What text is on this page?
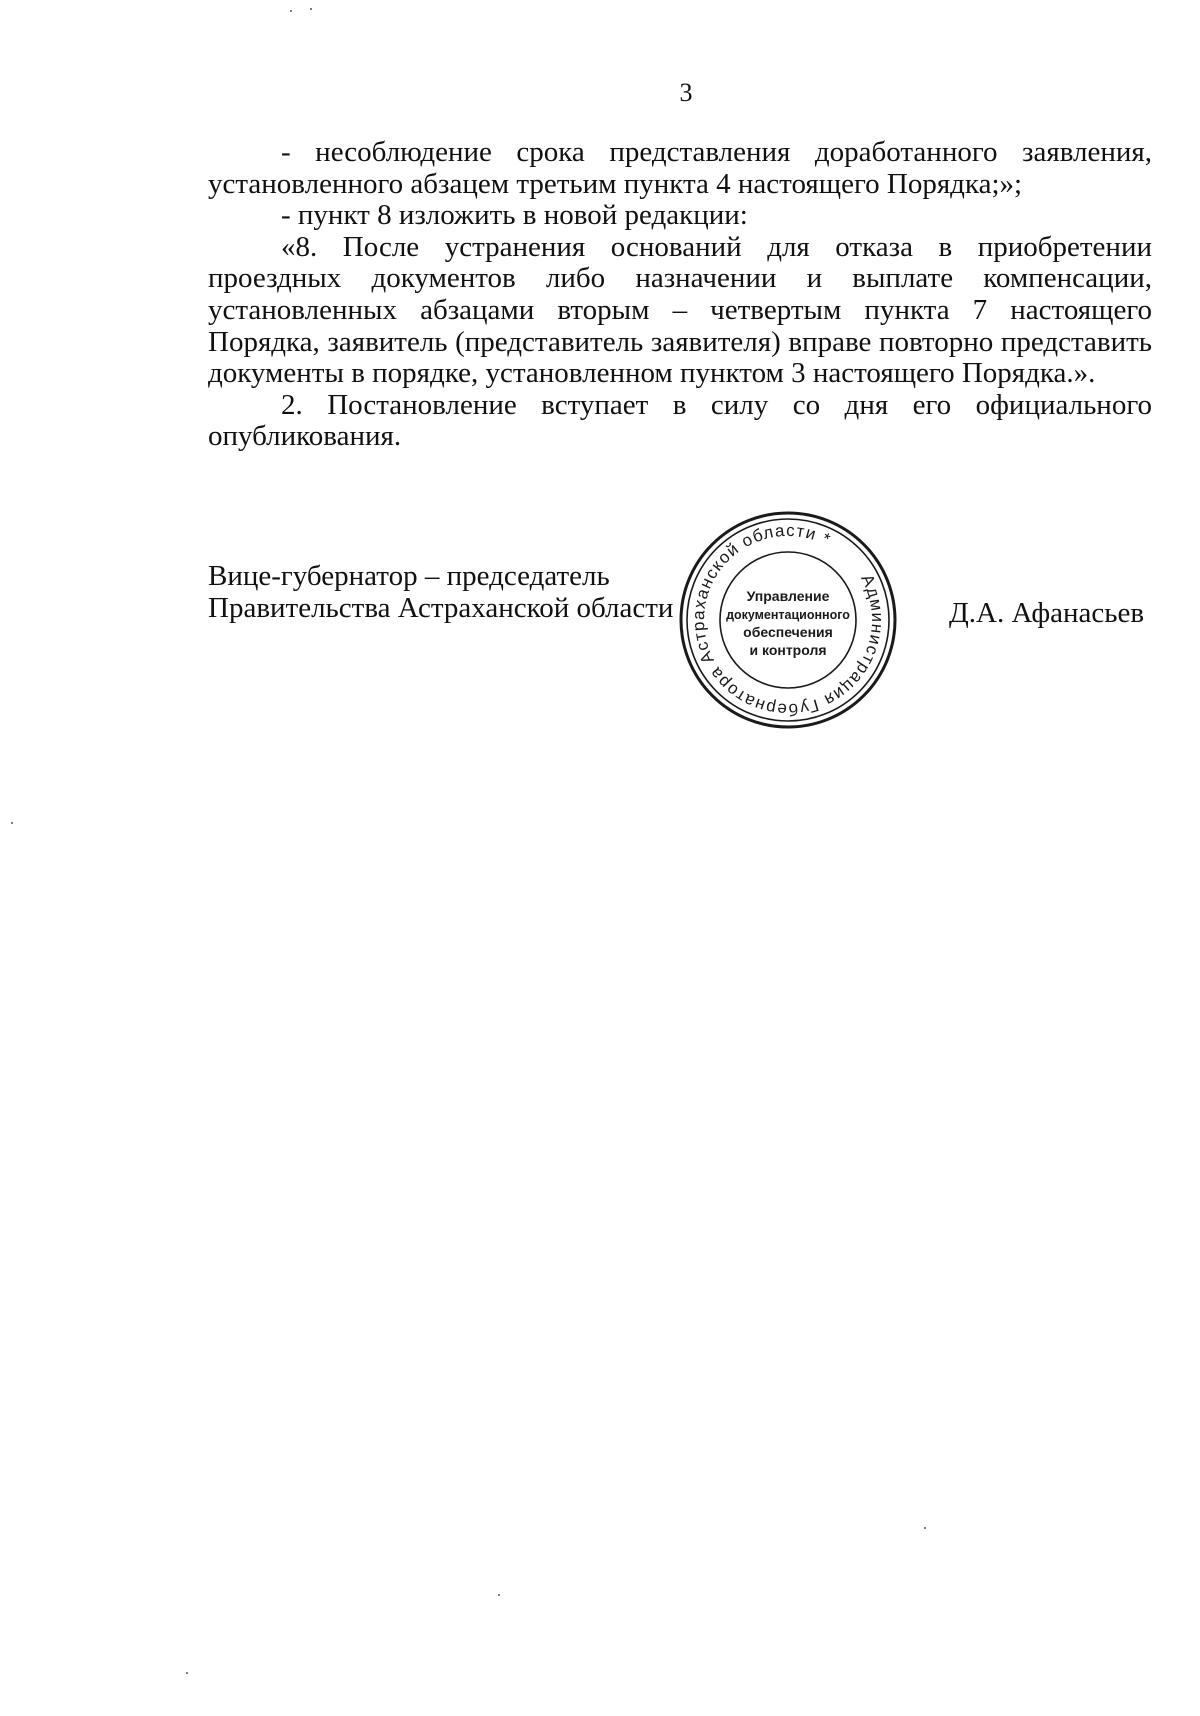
3

- несоблюдение срока представления доработанного заявления, установленного абзацем третьим пункта 4 настоящего Порядка;»;

- пункт 8 изложить в новой редакции:

«8. После устранения оснований для отказа в приобретении проездных документов либо назначении и выплате компенсации, установленных абзацами вторым – четвертым пункта 7 настоящего Порядка, заявитель (представитель заявителя) вправе повторно представить документы в порядке, установленном пунктом 3 настоящего Порядка.».

2. Постановление вступает в силу со дня его официального опубликования.

Вице-губернатор – председатель
Правительства Астраханской области
Администрация Губернатора Астраханской области *
Управление
документационного
обеспечения
и контроля
Д.А. Афанасьев
